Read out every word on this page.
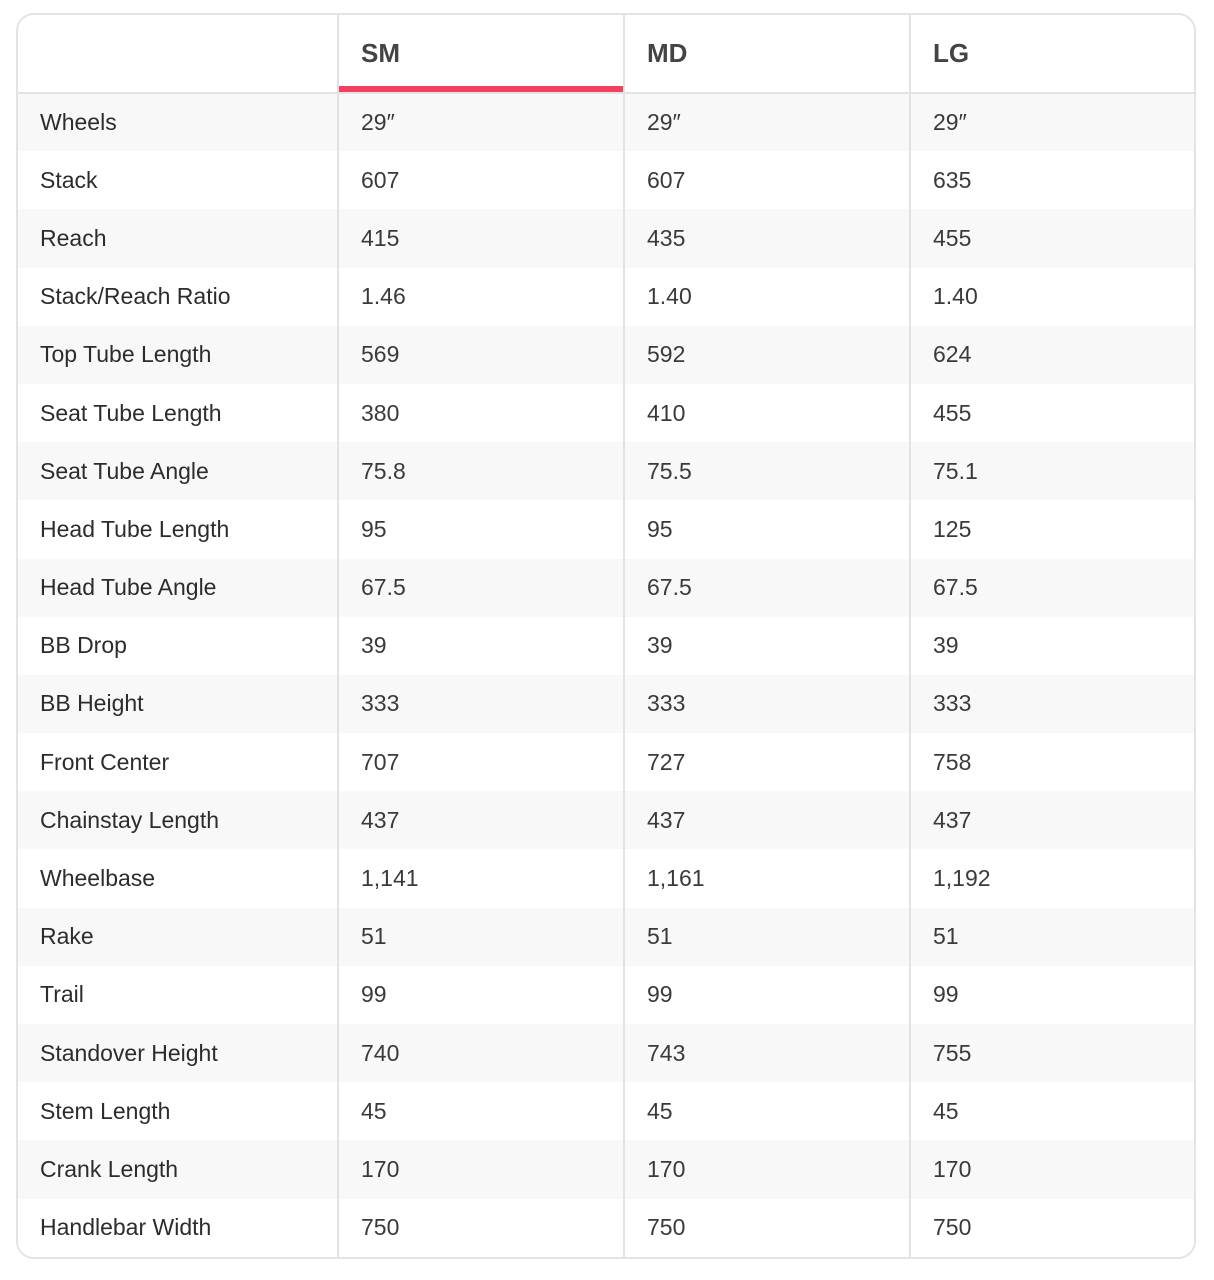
	SM	MD	LG
Wheels	29″	29″	29″
Stack	607	607	635
Reach	415	435	455
Stack/Reach Ratio	1.46	1.40	1.40
Top Tube Length	569	592	624
Seat Tube Length	380	410	455
Seat Tube Angle	75.8	75.5	75.1
Head Tube Length	95	95	125
Head Tube Angle	67.5	67.5	67.5
BB Drop	39	39	39
BB Height	333	333	333
Front Center	707	727	758
Chainstay Length	437	437	437
Wheelbase	1,141	1,161	1,192
Rake	51	51	51
Trail	99	99	99
Standover Height	740	743	755
Stem Length	45	45	45
Crank Length	170	170	170
Handlebar Width	750	750	750
